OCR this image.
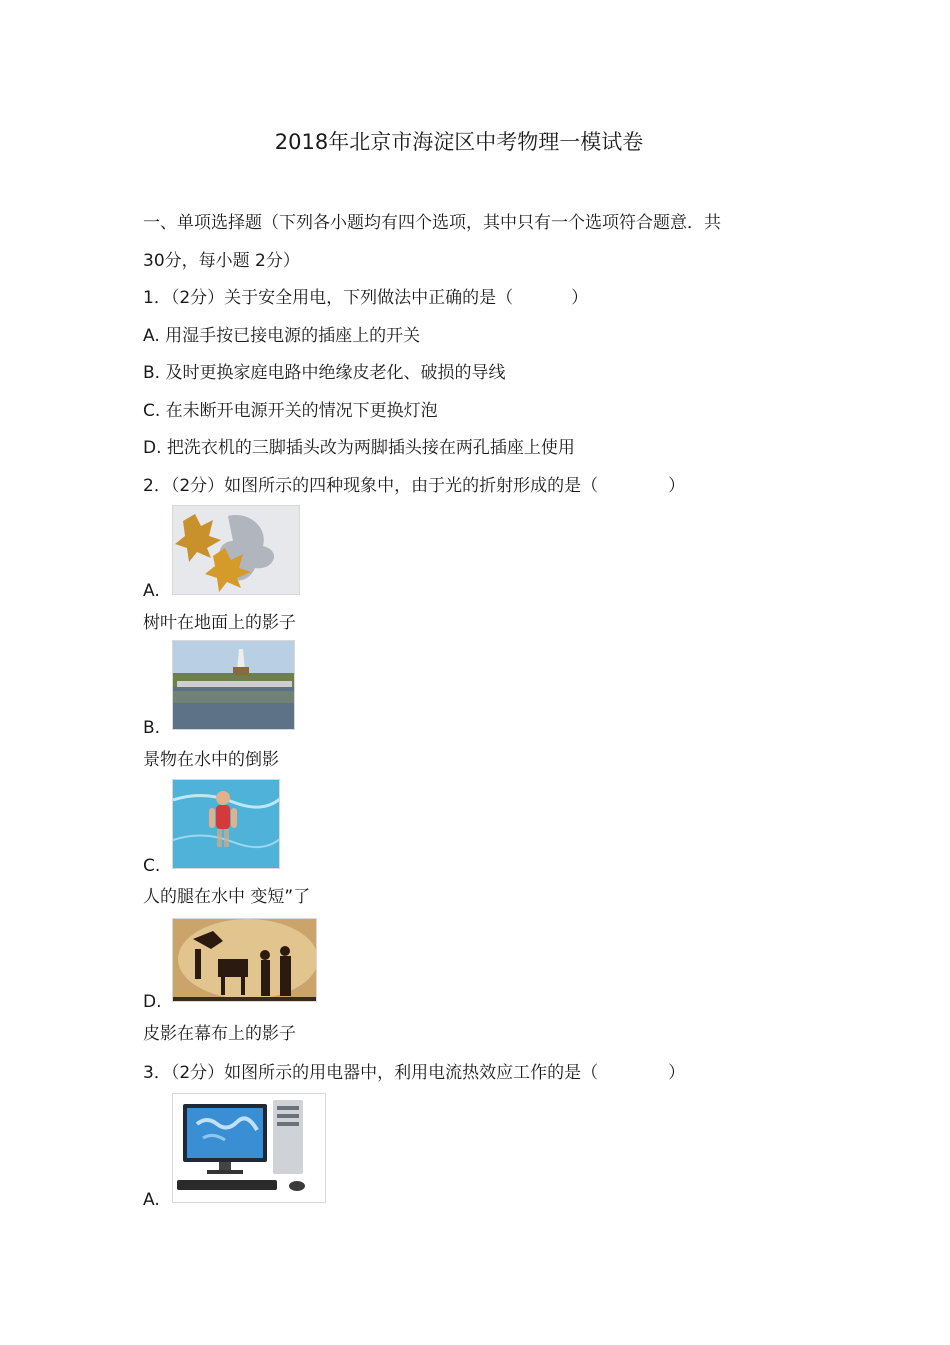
2018年北京市海淀区中考物理一模试卷
一、单项选择题（下列各小题均有四个选项，其中只有一个选项符合题意．共
30分，每小题 2分）
1．（2分）关于安全用电，下列做法中正确的是（	）
A. 用湿手按已接电源的插座上的开关
B. 及时更换家庭电路中绝缘皮老化、破损的导线
C. 在未断开电源开关的情况下更换灯泡
D. 把洗衣机的三脚插头改为两脚插头接在两孔插座上使用
2．（2分）如图所示的四种现象中，由于光的折射形成的是（	）
A.
树叶在地面上的影子
B.
景物在水中的倒影
C.
人的腿在水中 变短”了
D.
皮影在幕布上的影子
3．（2分）如图所示的用电器中，利用电流热效应工作的是（	）
A.
